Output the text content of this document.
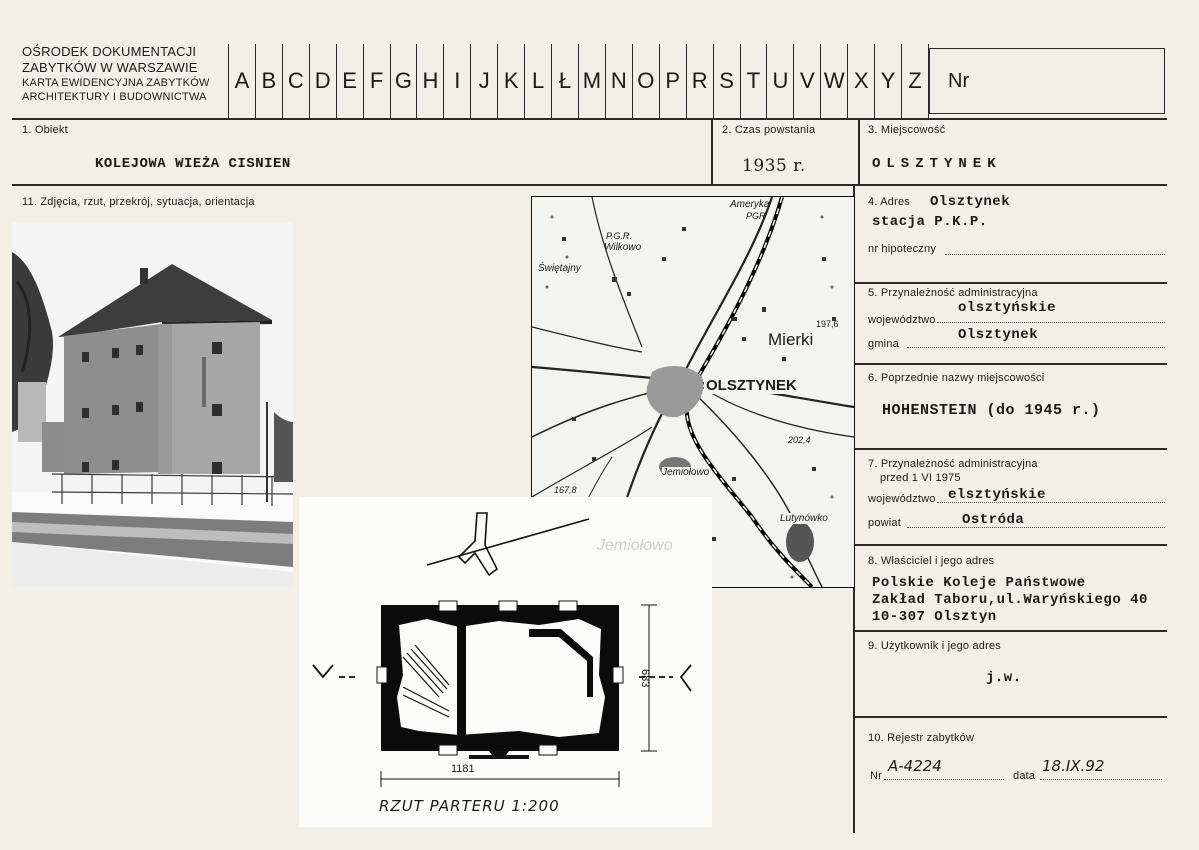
OŚRODEK DOKUMENTACJI
ZABYTKÓW W WARSZAWIE
KARTA EWIDENCYJNA ZABYTKÓW
ARCHITEKTURY I BUDOWNICTWA
A B C D E F G H I J K L Ł M N O P R S T U V W X Y Z	Nr
1. Obiekt
KOLEJOWA WIEŻA CISNIEN
2. Czas powstania
1935 r.
3. Miejscowość
OLSZTYNEK
11. Zdjęcia, rzut, przekrój, sytuacja, orientacja	4. Adres Olsztynek
stacja P.K.P.
nr hipoteczny
5. Przynależność administracyjna
województwo
olsztyńskie
gmina
Olsztynek
6. Poprzednie nazwy miejscowości
HOHENSTEIN (do 1945 r.)
7. Przynależność administracyjna
przed 1 VI 1975
województwo elsztyńskie
powiat	Ostróda
8. Właściciel i jego adres
Polskie Koleje Państwowe
Zakład Taboru,ul.Waryńskiego 40
10-307 Olsztyn
9. Użytkownik i jego adres
j.w.
10. Rejestr zabytków
Nr
A-4224
data
18.IX.92
Ameryka
PGR
P.G.R.
Wilkowo
Świętajny
Mierki
197,6
OLSZTYNEK
202,4
Jemiołowo
167,8
Lutynówko
Jemiołowo
1181
683
RZUT PARTERU 1:200
